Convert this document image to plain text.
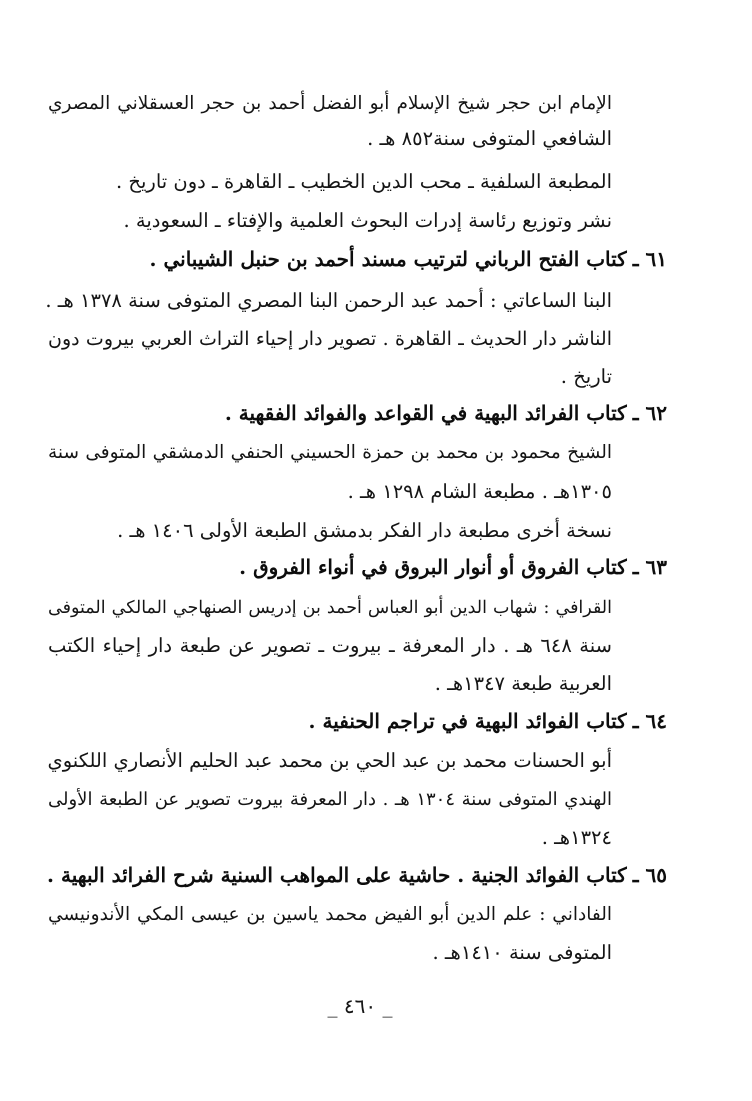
الإمام ابن حجر شيخ الإسلام أبو الفضل أحمد بن حجر العسقلاني المصري
الشافعي المتوفى سنة٨٥٢ هـ .
المطبعة السلفية ـ محب الدين الخطيب ـ القاهرة ـ دون تاريخ .
نشر وتوزيع رئاسة إدرات البحوث العلمية والإفتاء ـ السعودية .
٦١ ـكتاب الفتح الرباني لترتيب مسند أحمد بن حنبل الشيباني .
البنا الساعاتي : أحمد عبد الرحمن البنا المصري المتوفى سنة ١٣٧٨ هـ .
الناشر دار الحديث ـ القاهرة . تصوير دار إحياء التراث العربي بيروت دون
تاريخ .
٦٢ ـكتاب الفرائد البهية في القواعد والفوائد الفقهية .
الشيخ محمود بن محمد بن حمزة الحسيني الحنفي الدمشقي المتوفى سنة
١٣٠٥هـ . مطبعة الشام ١٢٩٨ هـ .
نسخة أخرى مطبعة دار الفكر بدمشق الطبعة الأولى ١٤٠٦ هـ .
٦٣ ـكتاب الفروق أو أنوار البروق في أنواء الفروق .
القرافي : شهاب الدين أبو العباس أحمد بن إدريس الصنهاجي المالكي المتوفى
سنة ٦٤٨ هـ . دار المعرفة ـ بيروت ـ تصوير عن طبعة دار إحياء الكتب
العربية طبعة ١٣٤٧هـ .
٦٤ ـكتاب الفوائد البهية في تراجم الحنفية .
أبو الحسنات محمد بن عبد الحي بن محمد عبد الحليم الأنصاري اللكنوي
الهندي المتوفى سنة ١٣٠٤ هـ . دار المعرفة بيروت تصوير عن الطبعة الأولى
١٣٢٤هـ .
٦٥ ـكتاب الفوائد الجنية . حاشية على المواهب السنية شرح الفرائد البهية .
الفاداني : علم الدين أبو الفيض محمد ياسين بن عيسى المكي الأندونيسي
المتوفى سنة ١٤١٠هـ .
_ ٤٦٠ _
